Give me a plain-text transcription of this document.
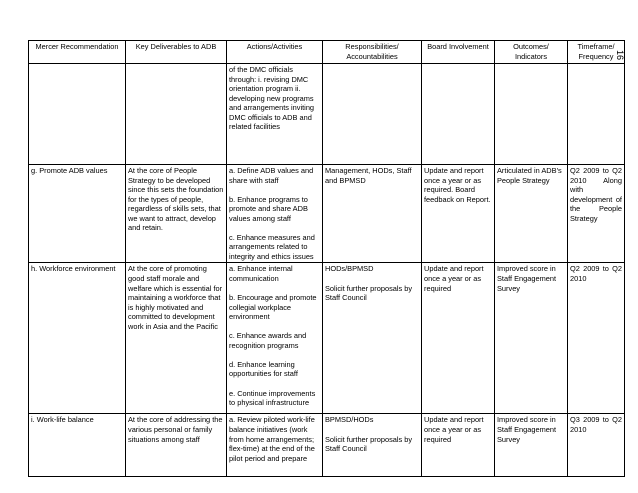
16
Mercer Recommendation	Key Deliverables to ADB	Actions/Activities	Responsibilities/ Accountabilities	Board Involvement	Outcomes/ Indicators	Timeframe/ Frequency
		of the DMC officials through: i. revising DMC orientation program ii. developing new programs and arrangements inviting DMC officials to ADB and related facilities				
g. Promote ADB values	At the core of People Strategy to be developed since this sets the foundation for the types of people, regardless of skills sets, that we want to attract, develop and retain.	a. Define ADB values and share with staff
b. Enhance programs to promote and share ADB values among staff
c. Enhance measures and arrangements related to integrity and ethics issues	Management, HODs, Staff and BPMSD	Update and report once a year or as required. Board feedback on Report.	Articulated in ADB's People Strategy	Q2 2009 to Q2 2010 Along with development of the People Strategy
h. Workforce environment	At the core of promoting good staff morale and welfare which is essential for maintaining a workforce that is highly motivated and committed to development work in Asia and the Pacific	a. Enhance internal communication
b. Encourage and promote collegial workplace environment
c. Enhance awards and recognition programs
d. Enhance learning opportunities for staff
e. Continue improvements to physical infrastructure	HODs/BPMSD
Solicit further proposals by Staff Council	Update and report once a year or as required	Improved score in Staff Engagement Survey	Q2 2009 to Q2 2010
i. Work-life balance	At the core of addressing the various personal or family situations among staff	a. Review piloted work-life balance initiatives (work from home arrangements; flex-time) at the end of the pilot period and prepare	BPMSD/HODs
Solicit further proposals by Staff Council	Update and report once a year or as required	Improved score in Staff Engagement Survey	Q3 2009 to Q2 2010
